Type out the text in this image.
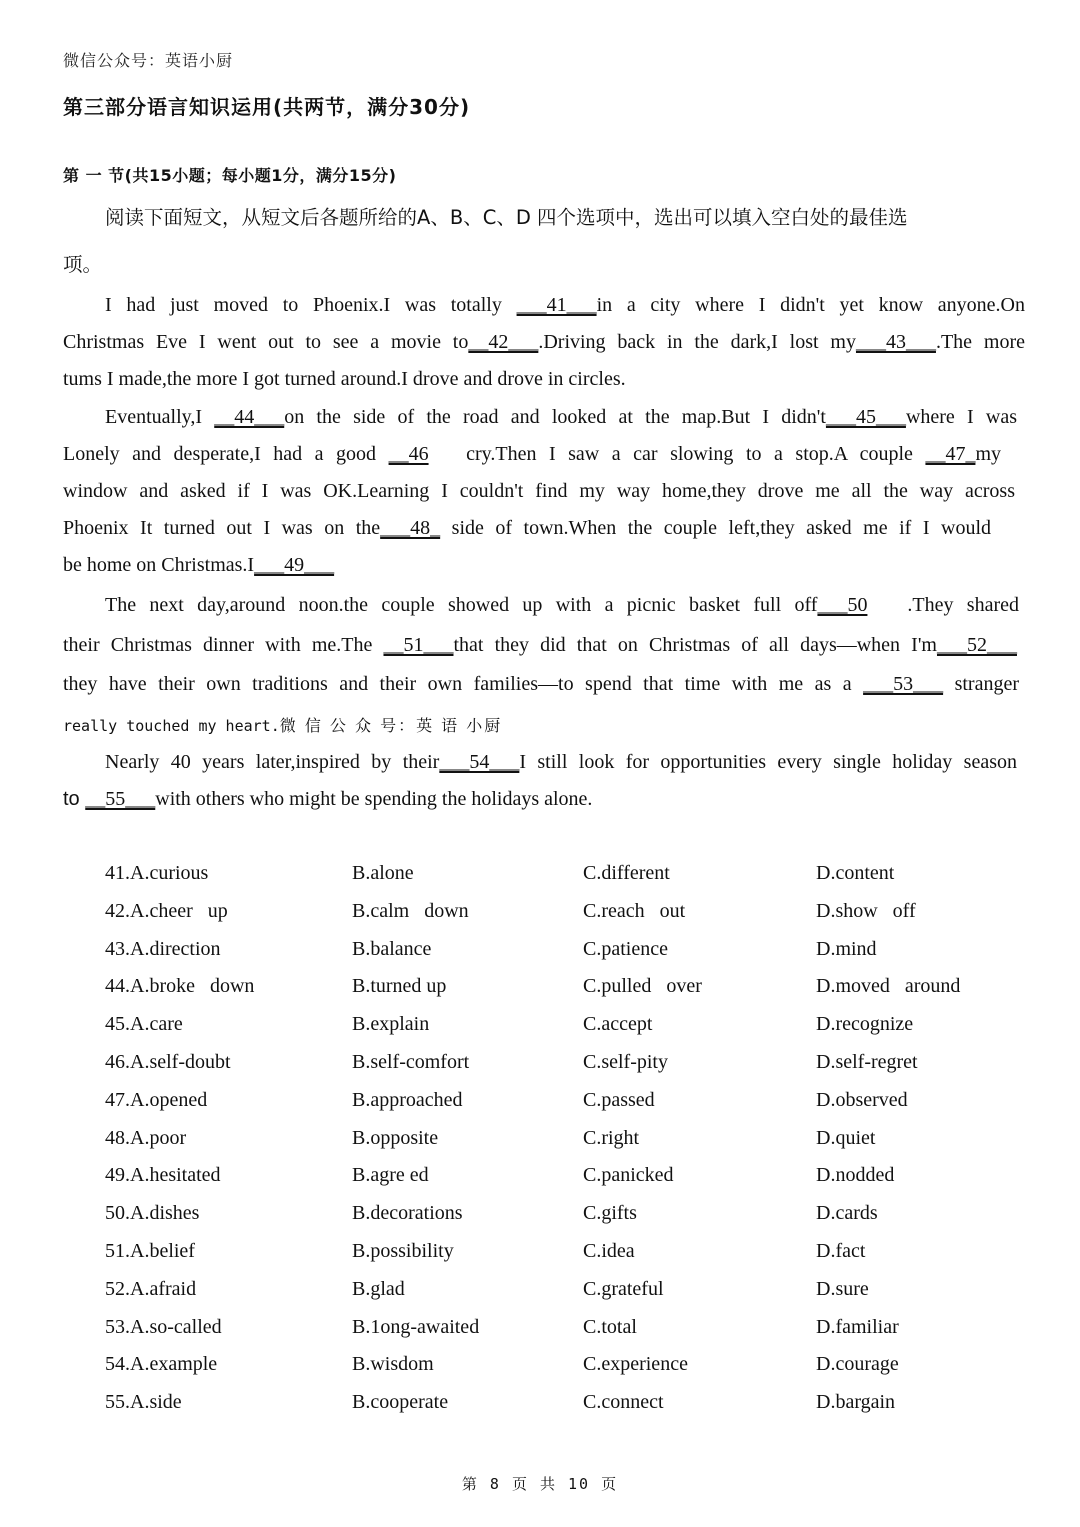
微信公众号：英语小厨
第三部分语言知识运用(共两节，满分30分)
第 一 节(共15小题；每小题1分，满分15分)
阅读下面短文，从短文后各题所给的A、B、C、D 四个选项中，选出可以填入空白处的最佳选
项。
I had just moved to Phoenix.I was totally ___41___in a city where I didn't yet know anyone.On
Christmas Eve I went out to see a movie to__42___.Driving back in the dark,I lost my___43___.The more
tums I made,the more I got turned around.I drove and drove in circles.
Eventually,I __44___on the side of the road and looked at the map.But I didn't___45___where I was
Lonely and desperate,I had a good __46   cry.Then I saw a car slowing to a stop.A couple __47_my
window and asked if I was OK.Learning I couldn't find my way home,they drove me all the way across
Phoenix It turned out I was on the___48_ side of town.When the couple left,they asked me if I would
be home on Christmas.I___49___
The next day,around noon.the couple showed up with a picnic basket full off___50   .They shared
their Christmas dinner with me.The __51___that they did that on Christmas of all days—when I'm___52___
they have their own traditions and their own families—to spend that time with me as a ___53___ stranger
really touched my heart.微 信 公 众 号：英 语 小厨
Nearly 40 years later,inspired by their___54___I still look for opportunities every single holiday season
to __55___with others who might be spending the holidays alone.
41.A.curious	B.alone	C.different	D.content
42.A.cheer   up	B.calm   down	C.reach   out	D.show   off
43.A.direction	B.balance	C.patience	D.mind
44.A.broke   down	B.turned up	C.pulled   over	D.moved   around
45.A.care	B.explain	C.accept	D.recognize
46.A.self-doubt	B.self-comfort	C.self-pity	D.self-regret
47.A.opened	B.approached	C.passed	D.observed
48.A.poor	B.opposite	C.right	D.quiet
49.A.hesitated	B.agre ed	C.panicked	D.nodded
50.A.dishes	B.decorations	C.gifts	D.cards
51.A.belief	B.possibility	C.idea	D.fact
52.A.afraid	B.glad	C.grateful	D.sure
53.A.so-called	B.1ong-awaited	C.total	D.familiar
54.A.example	B.wisdom	C.experience	D.courage
55.A.side	B.cooperate	C.connect	D.bargain
第 8 页 共 10 页
